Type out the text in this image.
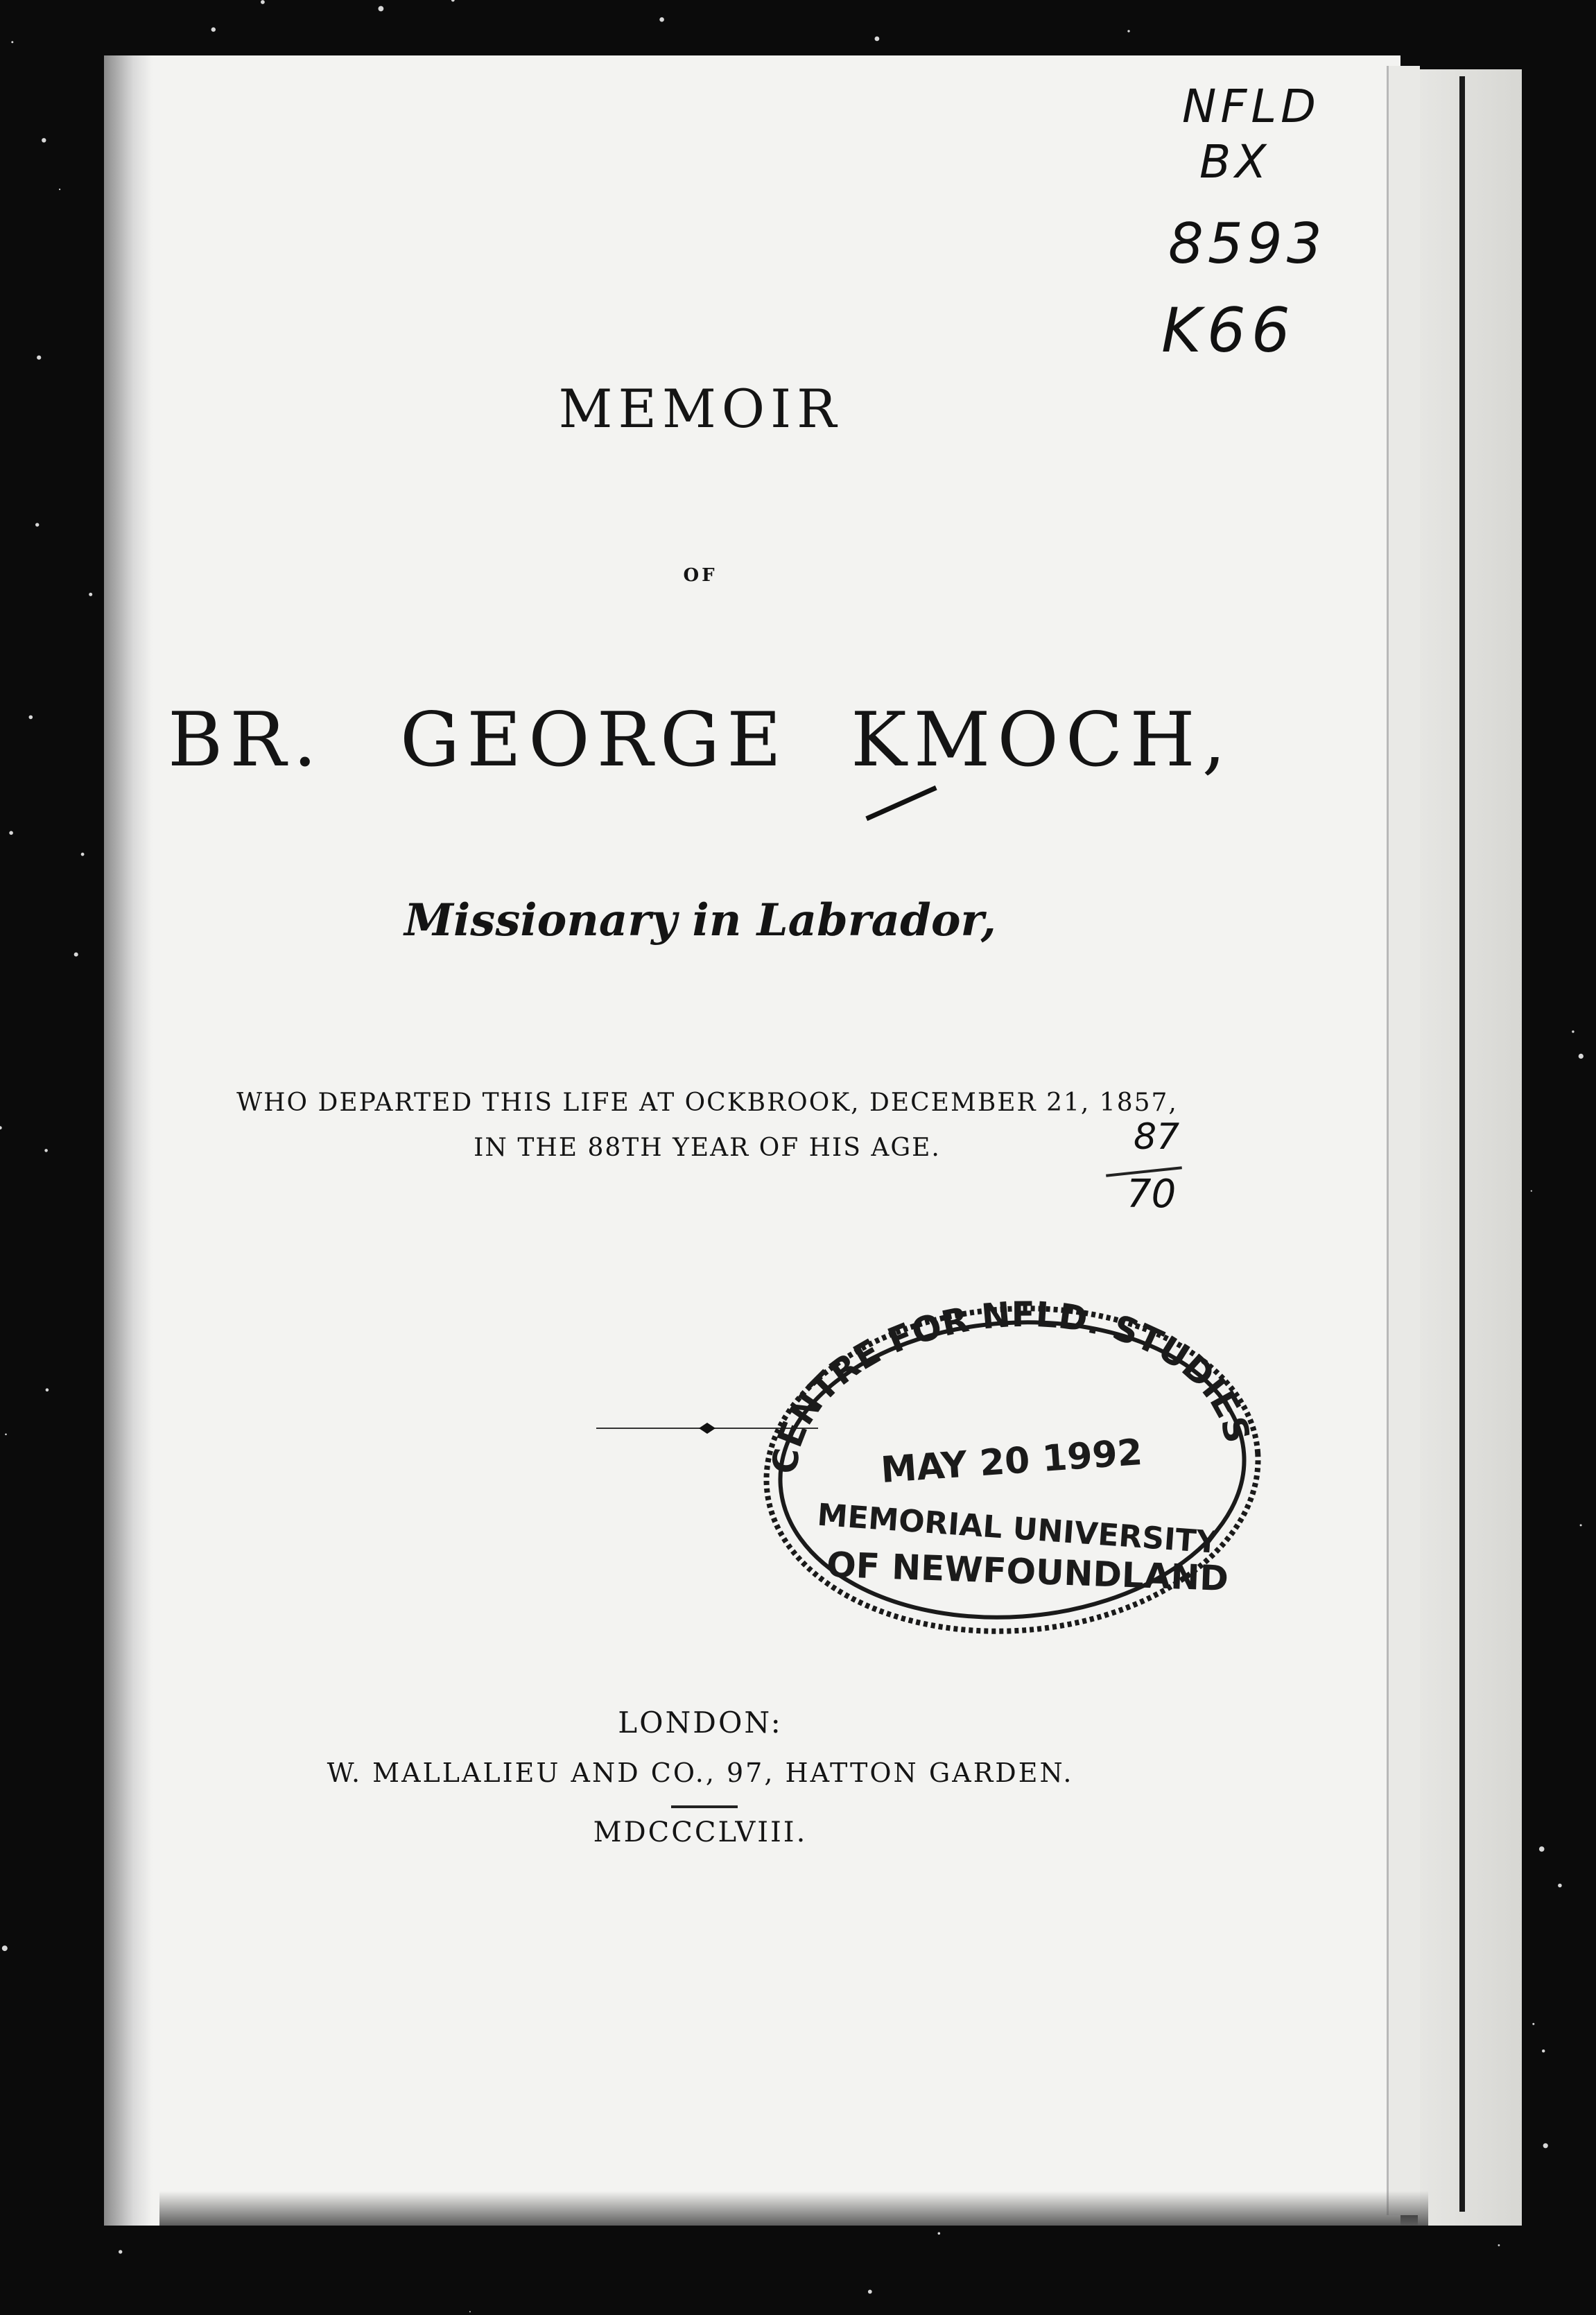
NFLD
BX
8593
K66
MEMOIR
OF
BR. GEORGE KMOCH,
Missionary in Labrador,
WHO DEPARTED THIS LIFE AT OCKBROOK, DECEMBER 21, 1857,
IN THE 88TH YEAR OF HIS AGE.	87
70
CENTRE FOR NFLD. STUDIES
MAY 20 1992
MEMORIAL UNIVERSITY
OF NEWFOUNDLAND
LONDON:
W. MALLALIEU AND CO., 97, HATTON GARDEN.
MDCCCLVIII.
